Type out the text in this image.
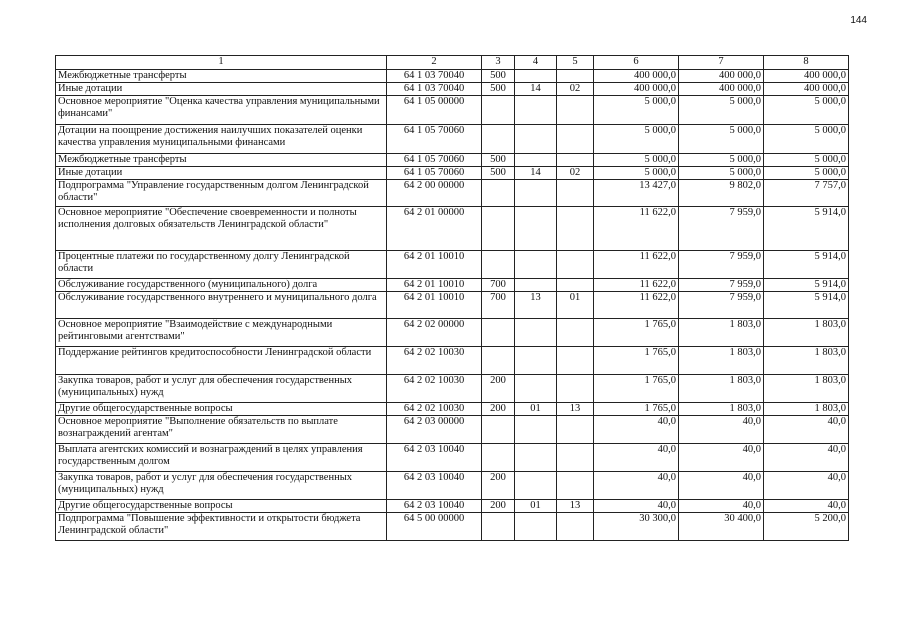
144
1	2	3	4	5	6	7	8
Межбюджетные трансферты	64 1 03 70040	500			400 000,0	400 000,0	400 000,0
Иные дотации	64 1 03 70040	500	14	02	400 000,0	400 000,0	400 000,0
Основное мероприятие "Оценка качества управления муниципальными финансами"	64 1 05 00000				5 000,0	5 000,0	5 000,0
Дотации на поощрение достижения наилучших показателей оценки качества управления муниципальными финансами	64 1 05 70060				5 000,0	5 000,0	5 000,0
Межбюджетные трансферты	64 1 05 70060	500			5 000,0	5 000,0	5 000,0
Иные дотации	64 1 05 70060	500	14	02	5 000,0	5 000,0	5 000,0
Подпрограмма "Управление государственным долгом Ленинградской области"	64 2 00 00000				13 427,0	9 802,0	7 757,0
Основное мероприятие "Обеспечение своевременности и полноты исполнения долговых обязательств Ленинградской области"	64 2 01 00000				11 622,0	7 959,0	5 914,0
Процентные платежи по государственному долгу Ленинградской области	64 2 01 10010				11 622,0	7 959,0	5 914,0
Обслуживание государственного (муниципального) долга	64 2 01 10010	700			11 622,0	7 959,0	5 914,0
Обслуживание государственного внутреннего и муниципального долга	64 2 01 10010	700	13	01	11 622,0	7 959,0	5 914,0
Основное мероприятие "Взаимодействие с международными рейтинговыми агентствами"	64 2 02 00000				1 765,0	1 803,0	1 803,0
Поддержание рейтингов кредитоспособности Ленинградской области	64 2 02 10030				1 765,0	1 803,0	1 803,0
Закупка товаров, работ и услуг для обеспечения государственных (муниципальных) нужд	64 2 02 10030	200			1 765,0	1 803,0	1 803,0
Другие общегосударственные вопросы	64 2 02 10030	200	01	13	1 765,0	1 803,0	1 803,0
Основное мероприятие "Выполнение обязательств по выплате вознаграждений агентам"	64 2 03 00000				40,0	40,0	40,0
Выплата агентских комиссий и вознаграждений в целях управления государственным долгом	64 2 03 10040				40,0	40,0	40,0
Закупка товаров, работ и услуг для обеспечения государственных (муниципальных) нужд	64 2 03 10040	200			40,0	40,0	40,0
Другие общегосударственные вопросы	64 2 03 10040	200	01	13	40,0	40,0	40,0
Подпрограмма "Повышение эффективности и открытости бюджета Ленинградской области"	64 5 00 00000				30 300,0	30 400,0	5 200,0
